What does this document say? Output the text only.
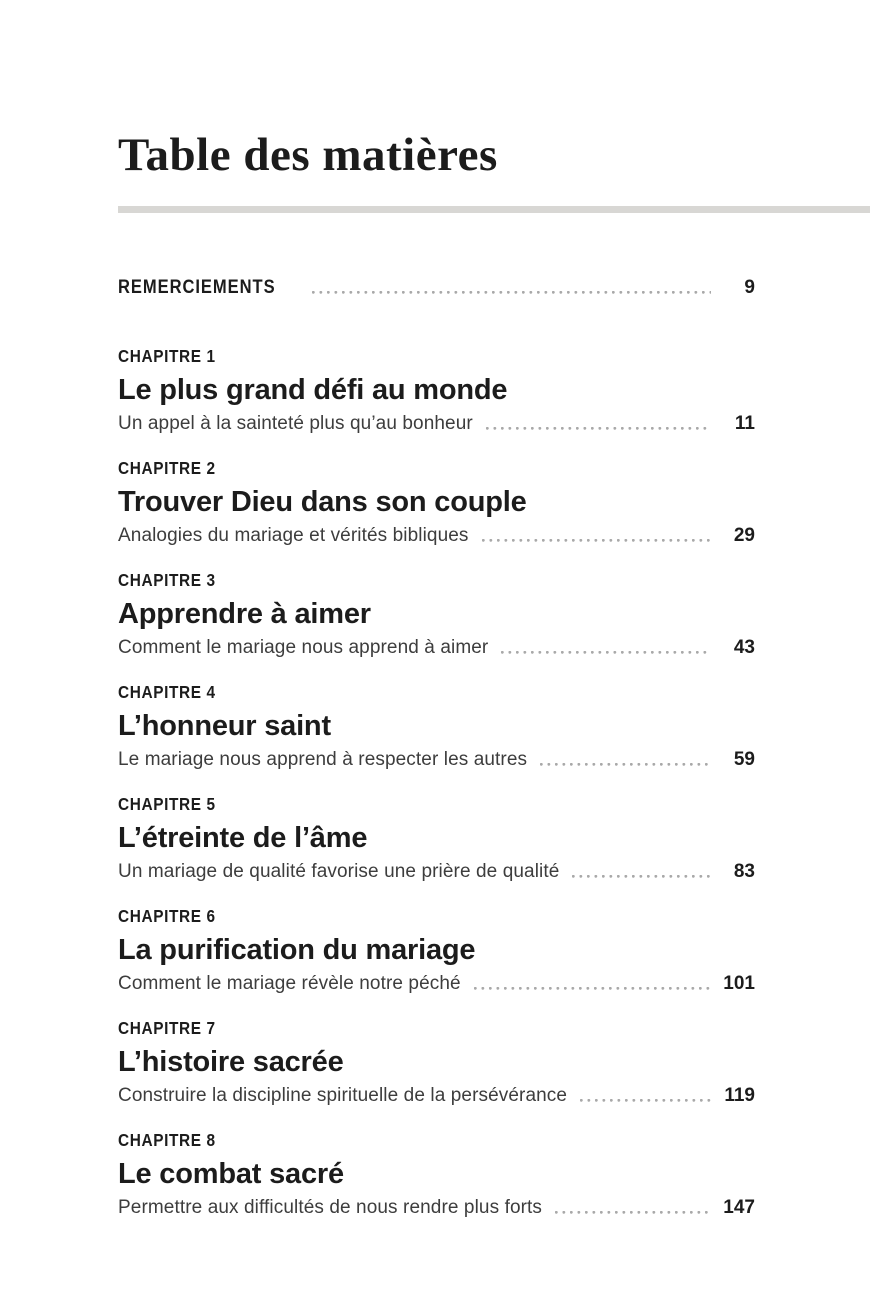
Table des matières
REMERCIEMENTS	9
CHAPITRE 1
Le plus grand défi au monde
Un appel à la sainteté plus qu’au bonheur	11
CHAPITRE 2
Trouver Dieu dans son couple
Analogies du mariage et vérités bibliques	29
CHAPITRE 3
Apprendre à aimer
Comment le mariage nous apprend à aimer	43
CHAPITRE 4
L’honneur saint
Le mariage nous apprend à respecter les autres	59
CHAPITRE 5
L’étreinte de l’âme
Un mariage de qualité favorise une prière de qualité	83
CHAPITRE 6
La purification du mariage
Comment le mariage révèle notre péché	101
CHAPITRE 7
L’histoire sacrée
Construire la discipline spirituelle de la persévérance	119
CHAPITRE 8
Le combat sacré
Permettre aux difficultés de nous rendre plus forts	147
